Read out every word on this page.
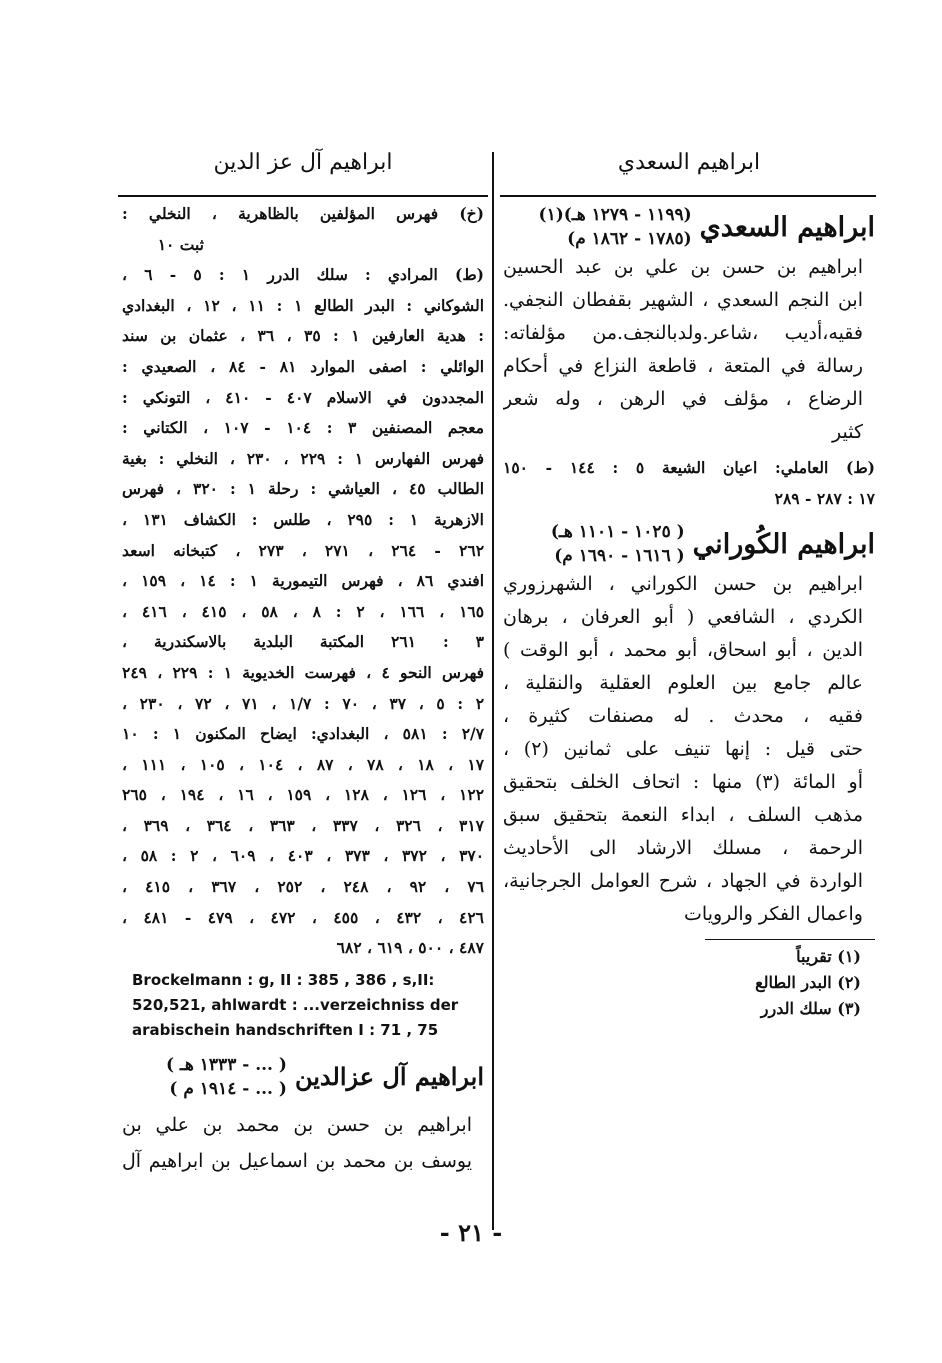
ابراهيم السعدي
ابراهيم السعدي
(١١٩٩ - ١٢٧٩ هـ)(١)
(١٧٨٥ - ١٨٦٢ م)
ابراهيم بن حسن بن علي بن عبد الحسين
ابن النجم السعدي ، الشهير بقفطان النجفي.
فقيه،أديب ،شاعر.ولدبالنجف.من مؤلفاته:
رسالة في المتعة ، قاطعة النزاع في أحكام
الرضاع ، مؤلف في الرهن ، وله شعر
كثير
(ط) العاملي: اعيان الشيعة ٥ : ١٤٤ - ١٥٠
١٧ : ٢٨٧ - ٢٨٩
ابراهيم الكُوراني
( ١٠٢٥ - ١١٠١ هـ)
( ١٦١٦ - ١٦٩٠ م)
ابراهيم بن حسن الكوراني ، الشهرزوري
الكردي ، الشافعي ( أبو العرفان ، برهان
الدين ، أبو اسحاق، أبو محمد ، أبو الوقت )
عالم جامع بين العلوم العقلية والنقلية ،
فقيه ، محدث . له مصنفات كثيرة ،
حتى قيل : إنها تنيف على ثمانين (٢) ،
أو المائة (٣) منها : اتحاف الخلف بتحقيق
مذهب السلف ، ابداء النعمة بتحقيق سبق
الرحمة ، مسلك الارشاد الى الأحاديث
الواردة في الجهاد ، شرح العوامل الجرجانية،
واعمال الفكر والرويات
(١) تقريباً
(٢) البدر الطالع
(٣) سلك الدرر
ابراهيم آل عز الدين
(خ) فهرس المؤلفين بالظاهرية ، النخلي :
ثبت ١٠
(ط) المرادي : سلك الدرر ١ : ٥ - ٦ ،
الشوكاني : البدر الطالع ١ : ١١ ، ١٢ ، البغدادي
: هدية العارفين ١ : ٣٥ ، ٣٦ ، عثمان بن سند
الوائلي : اصفى الموارد ٨١ - ٨٤ ، الصعيدي :
المجددون في الاسلام ٤٠٧ - ٤١٠ ، التونكي :
معجم المصنفين ٣ : ١٠٤ - ١٠٧ ، الكتاني :
فهرس الفهارس ١ : ٢٢٩ ، ٢٣٠ ، النخلي : بغية
الطالب ٤٥ ، العياشي : رحلة ١ : ٣٢٠ ، فهرس
الازهرية ١ : ٢٩٥ ، طلس : الكشاف ١٣١ ،
٢٦٢ - ٢٦٤ ، ٢٧١ ، ٢٧٣ ، كتبخانه اسعد
افندي ٨٦ ، فهرس التيمورية ١ : ١٤ ، ١٥٩ ،
١٦٥ ، ١٦٦ ، ٢ : ٨ ، ٥٨ ، ٤١٥ ، ٤١٦ ،
٣ : ٢٦١ المكتبة البلدية بالاسكندرية ،
فهرس النحو ٤ ، فهرست الخديوية ١ : ٢٢٩ ، ٢٤٩
٢ : ٥ ، ٣٧ ، ٧٠ : ١/٧ ، ٧١ ، ٧٢ ، ٢٣٠ ،
٢/٧ : ٥٨١ ، البغدادي: ايضاح المكنون ١ : ١٠
١٧ ، ١٨ ، ٧٨ ، ٨٧ ، ١٠٤ ، ١٠٥ ، ١١١ ،
١٢٢ ، ١٢٦ ، ١٢٨ ، ١٥٩ ، ١٦ ، ١٩٤ ، ٢٦٥
٣١٧ ، ٣٢٦ ، ٣٣٧ ، ٣٦٣ ، ٣٦٤ ، ٣٦٩ ،
٣٧٠ ، ٣٧٢ ، ٣٧٣ ، ٤٠٣ ، ٦٠٩ ، ٢ : ٥٨ ،
٧٦ ، ٩٢ ، ٢٤٨ ، ٢٥٢ ، ٣٦٧ ، ٤١٥ ،
٤٢٦ ، ٤٣٢ ، ٤٥٥ ، ٤٧٢ ، ٤٧٩ - ٤٨١ ،
٤٨٧ ، ٥٠٠ ، ٦١٩ ، ٦٨٢
Brockelmann : g, II : 385 , 386 , s,II:
520,521, ahlwardt : ...verzeichniss der
arabischein handschriften I : 71 , 75
ابراهيم آل عزالدين
( ... - ١٣٣٣ هـ )
( ... - ١٩١٤ م )
ابراهيم بن حسن بن محمد بن علي بن
يوسف بن محمد بن اسماعيل بن ابراهيم آل
- ٢١ -
